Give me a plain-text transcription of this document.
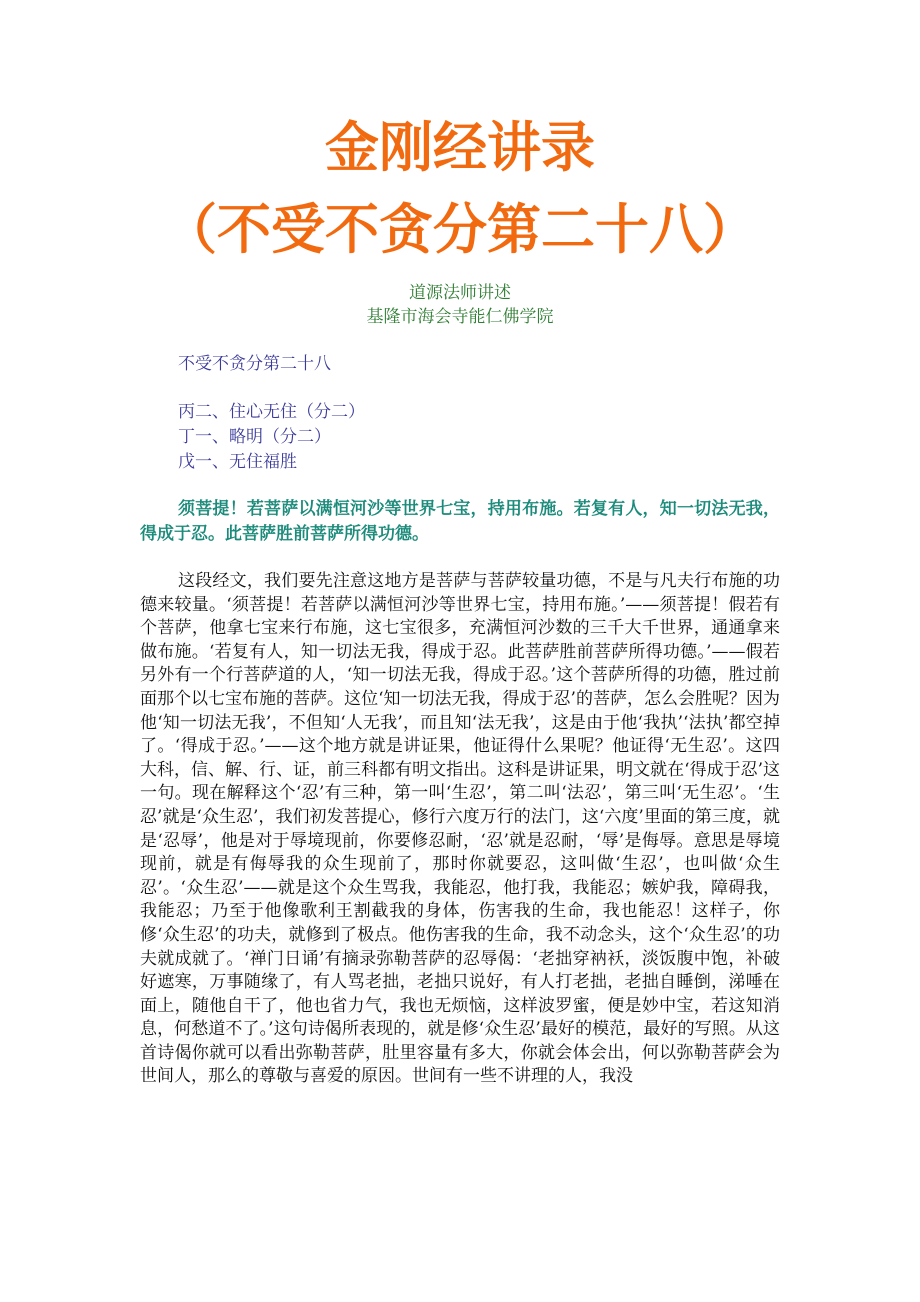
金刚经讲录
（不受不贪分第二十八）
道源法师讲述
基隆市海会寺能仁佛学院
不受不贪分第二十八
丙二、住心无住（分二）
丁一、略明（分二）
戊一、无住福胜

须菩提！若菩萨以满恒河沙等世界七宝，持用布施。若复有人，知一切法无我，得成于忍。此菩萨胜前菩萨所得功德。

这段经文，我们要先注意这地方是菩萨与菩萨较量功德，不是与凡夫行布施的功德来较量。‘须菩提！若菩萨以满恒河沙等世界七宝，持用布施。’——须菩提！假若有个菩萨，他拿七宝来行布施，这七宝很多，充满恒河沙数的三千大千世界，通通拿来做布施。‘若复有人，知一切法无我，得成于忍。此菩萨胜前菩萨所得功德。’——假若另外有一个行菩萨道的人，‘知一切法无我，得成于忍。’这个菩萨所得的功德，胜过前面那个以七宝布施的菩萨。这位‘知一切法无我，得成于忍’的菩萨，怎么会胜呢？因为他‘知一切法无我’，不但知‘人无我’，而且知‘法无我’，这是由于他‘我执’‘法执’都空掉了。‘得成于忍。’——这个地方就是讲证果，他证得什么果呢？他证得‘无生忍’。这四大科，信、解、行、证，前三科都有明文指出。这科是讲证果，明文就在‘得成于忍’这一句。现在解释这个‘忍’有三种，第一叫‘生忍’，第二叫‘法忍’，第三叫‘无生忍’。‘生忍’就是‘众生忍’，我们初发菩提心，修行六度万行的法门，这‘六度’里面的第三度，就是‘忍辱’，他是对于辱境现前，你要修忍耐，‘忍’就是忍耐，‘辱’是侮辱。意思是辱境现前，就是有侮辱我的众生现前了，那时你就要忍，这叫做‘生忍’，也叫做‘众生忍’。‘众生忍’——就是这个众生骂我，我能忍，他打我，我能忍；嫉妒我，障碍我，我能忍；乃至于他像歌利王割截我的身体，伤害我的生命，我也能忍！这样子，你修‘众生忍’的功夫，就修到了极点。他伤害我的生命，我不动念头，这个‘众生忍’的功夫就成就了。‘禅门日诵’有摘录弥勒菩萨的忍辱偈：‘老拙穿衲袄，淡饭腹中饱，补破好遮寒，万事随缘了，有人骂老拙，老拙只说好，有人打老拙，老拙自睡倒，涕唾在面上，随他自干了，他也省力气，我也无烦恼，这样波罗蜜，便是妙中宝，若这知消息，何愁道不了。’这句诗偈所表现的，就是修‘众生忍’最好的模范，最好的写照。从这首诗偈你就可以看出弥勒菩萨，肚里容量有多大，你就会体会出，何以弥勒菩萨会为世间人，那么的尊敬与喜爱的原因。世间有一些不讲理的人，我没
